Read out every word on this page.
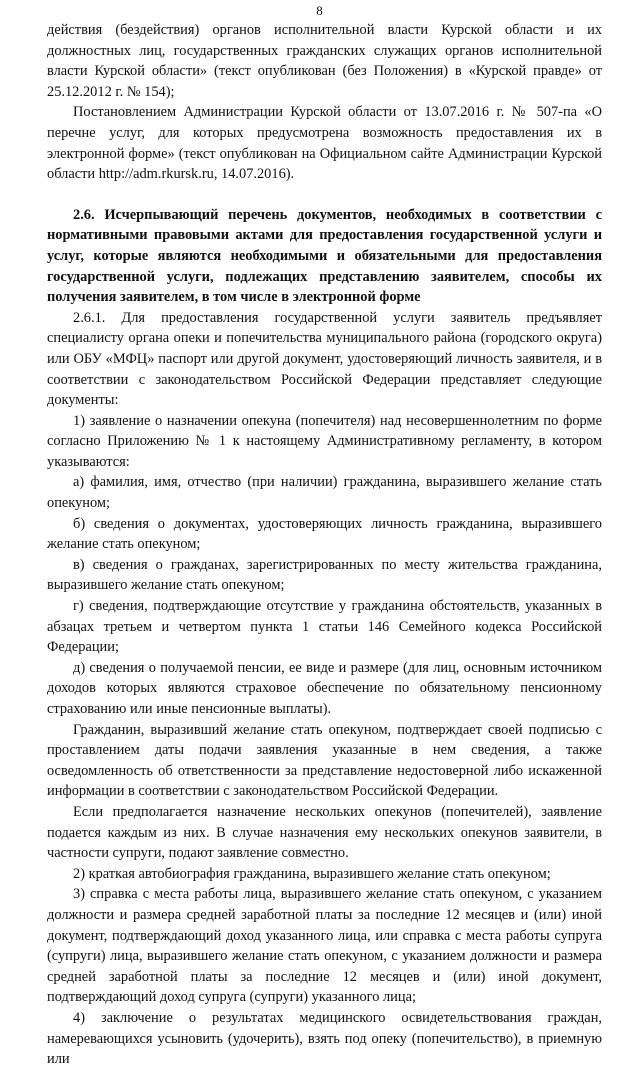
8

действия (бездействия) органов исполнительной власти Курской области и их должностных лиц, государственных гражданских служащих органов исполнительной власти Курской области» (текст опубликован (без Положения) в «Курской правде» от 25.12.2012 г. № 154);

Постановлением Администрации Курской области от 13.07.2016 г. № 507-па «О перечне услуг, для которых предусмотрена возможность предоставления их в электронной форме» (текст опубликован на Официальном сайте Администрации Курской области http://adm.rkursk.ru, 14.07.2016).

2.6. Исчерпывающий перечень документов, необходимых в соответствии с нормативными правовыми актами для предоставления государственной услуги и услуг, которые являются необходимыми и обязательными для предоставления государственной услуги, подлежащих представлению заявителем, способы их получения заявителем, в том числе в электронной форме

2.6.1. Для предоставления государственной услуги заявитель предъявляет специалисту органа опеки и попечительства муниципального района (городского округа) или ОБУ «МФЦ» паспорт или другой документ, удостоверяющий личность заявителя, и в соответствии с законодательством Российской Федерации представляет следующие документы:

1) заявление о назначении опекуна (попечителя) над несовершеннолетним по форме согласно Приложению № 1 к настоящему Административному регламенту, в котором указываются:

а) фамилия, имя, отчество (при наличии) гражданина, выразившего желание стать опекуном;

б) сведения о документах, удостоверяющих личность гражданина, выразившего желание стать опекуном;

в) сведения о гражданах, зарегистрированных по месту жительства гражданина, выразившего желание стать опекуном;

г) сведения, подтверждающие отсутствие у гражданина обстоятельств, указанных в абзацах третьем и четвертом пункта 1 статьи 146 Семейного кодекса Российской Федерации;

д) сведения о получаемой пенсии, ее виде и размере (для лиц, основным источником доходов которых являются страховое обеспечение по обязательному пенсионному страхованию или иные пенсионные выплаты).

Гражданин, выразивший желание стать опекуном, подтверждает своей подписью с проставлением даты подачи заявления указанные в нем сведения, а также осведомленность об ответственности за представление недостоверной либо искаженной информации в соответствии с законодательством Российской Федерации.

Если предполагается назначение нескольких опекунов (попечителей), заявление подается каждым из них. В случае назначения ему нескольких опекунов заявители, в частности супруги, подают заявление совместно.

2) краткая автобиография гражданина, выразившего желание стать опекуном;

3) справка с места работы лица, выразившего желание стать опекуном, с указанием должности и размера средней заработной платы за последние 12 месяцев и (или) иной документ, подтверждающий доход указанного лица, или справка с места работы супруга (супруги) лица, выразившего желание стать опекуном, с указанием должности и размера средней заработной платы за последние 12 месяцев и (или) иной документ, подтверждающий доход супруга (супруги) указанного лица;

4) заключение о результатах медицинского освидетельствования граждан, намеревающихся усыновить (удочерить), взять под опеку (попечительство), в приемную или
